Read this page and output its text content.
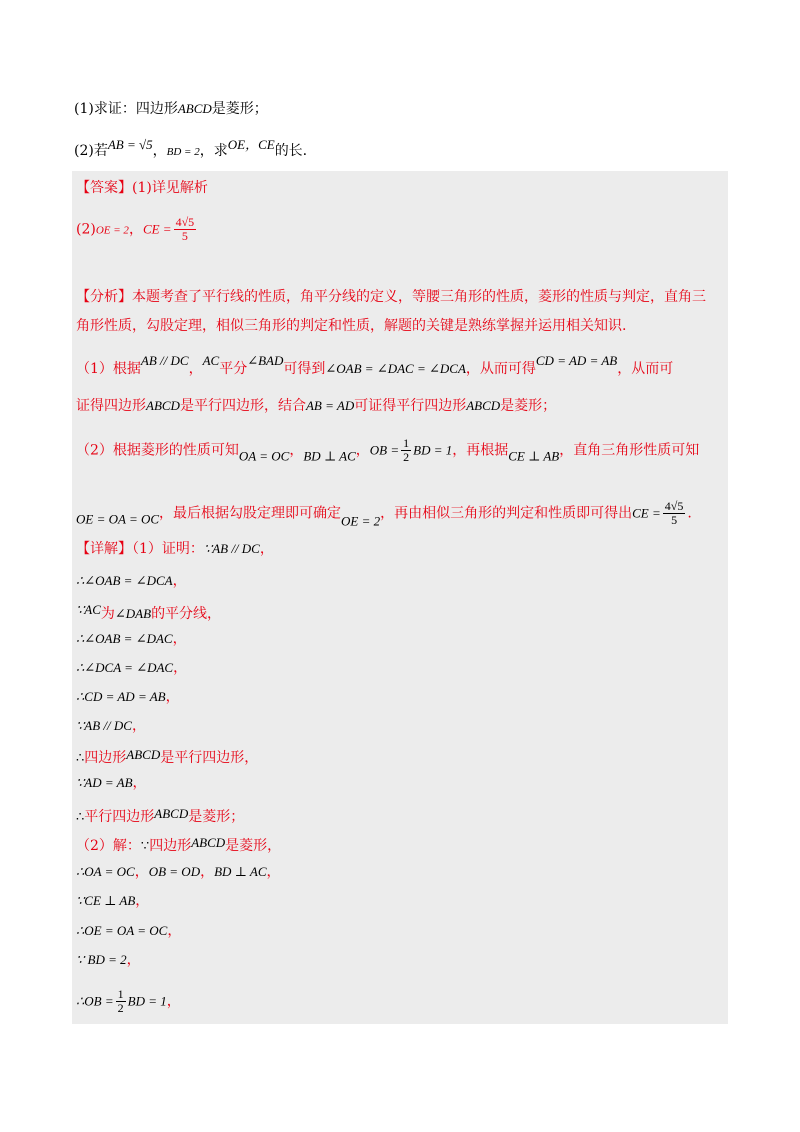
(1)求证：四边形ABCD是菱形；
(2)若AB = √5，BD = 2，求OE，CE的长.
【答案】(1)详见解析
(2)OE = 2，CE = $\frac{4√5}{5}$
【分析】本题考查了平行线的性质，角平分线的定义，等腰三角形的性质，菱形的性质与判定，直角三
角形性质，勾股定理，相似三角形的判定和性质，解题的关键是熟练掌握并运用相关知识.
（1）根据AB // DC，AC平分∠BAD可得到∠OAB = ∠DAC = ∠DCA，从而可得CD = AD = AB，从而可
证得四边形ABCD是平行四边形，结合AB = AD可证得平行四边形ABCD是菱形；
（2）根据菱形的性质可知OA = OC，BD ⊥ AC，OB = $\frac{1}{2}$ BD = 1，再根据CE ⊥ AB，直角三角形性质可知
OE = OA = OC，最后根据勾股定理即可确定OE = 2，再由相似三角形的判定和性质即可得出CE = $\frac{4√5}{5}$ .
【详解】（1）证明：∵AB // DC，
∴∠OAB = ∠DCA，
∵AC为∠DAB的平分线，
∴∠OAB = ∠DAC，
∴∠DCA = ∠DAC，
∴CD = AD = AB，
∵AB // DC，
∴四边形ABCD是平行四边形，
∵AD = AB，
∴平行四边形ABCD是菱形；
（2）解：∵四边形ABCD是菱形，
∴OA = OC，OB = OD，BD ⊥ AC，
∵CE ⊥ AB，
∴OE = OA = OC，
∵ BD = 2，
∴OB = $\frac{1}{2}$ BD = 1，
